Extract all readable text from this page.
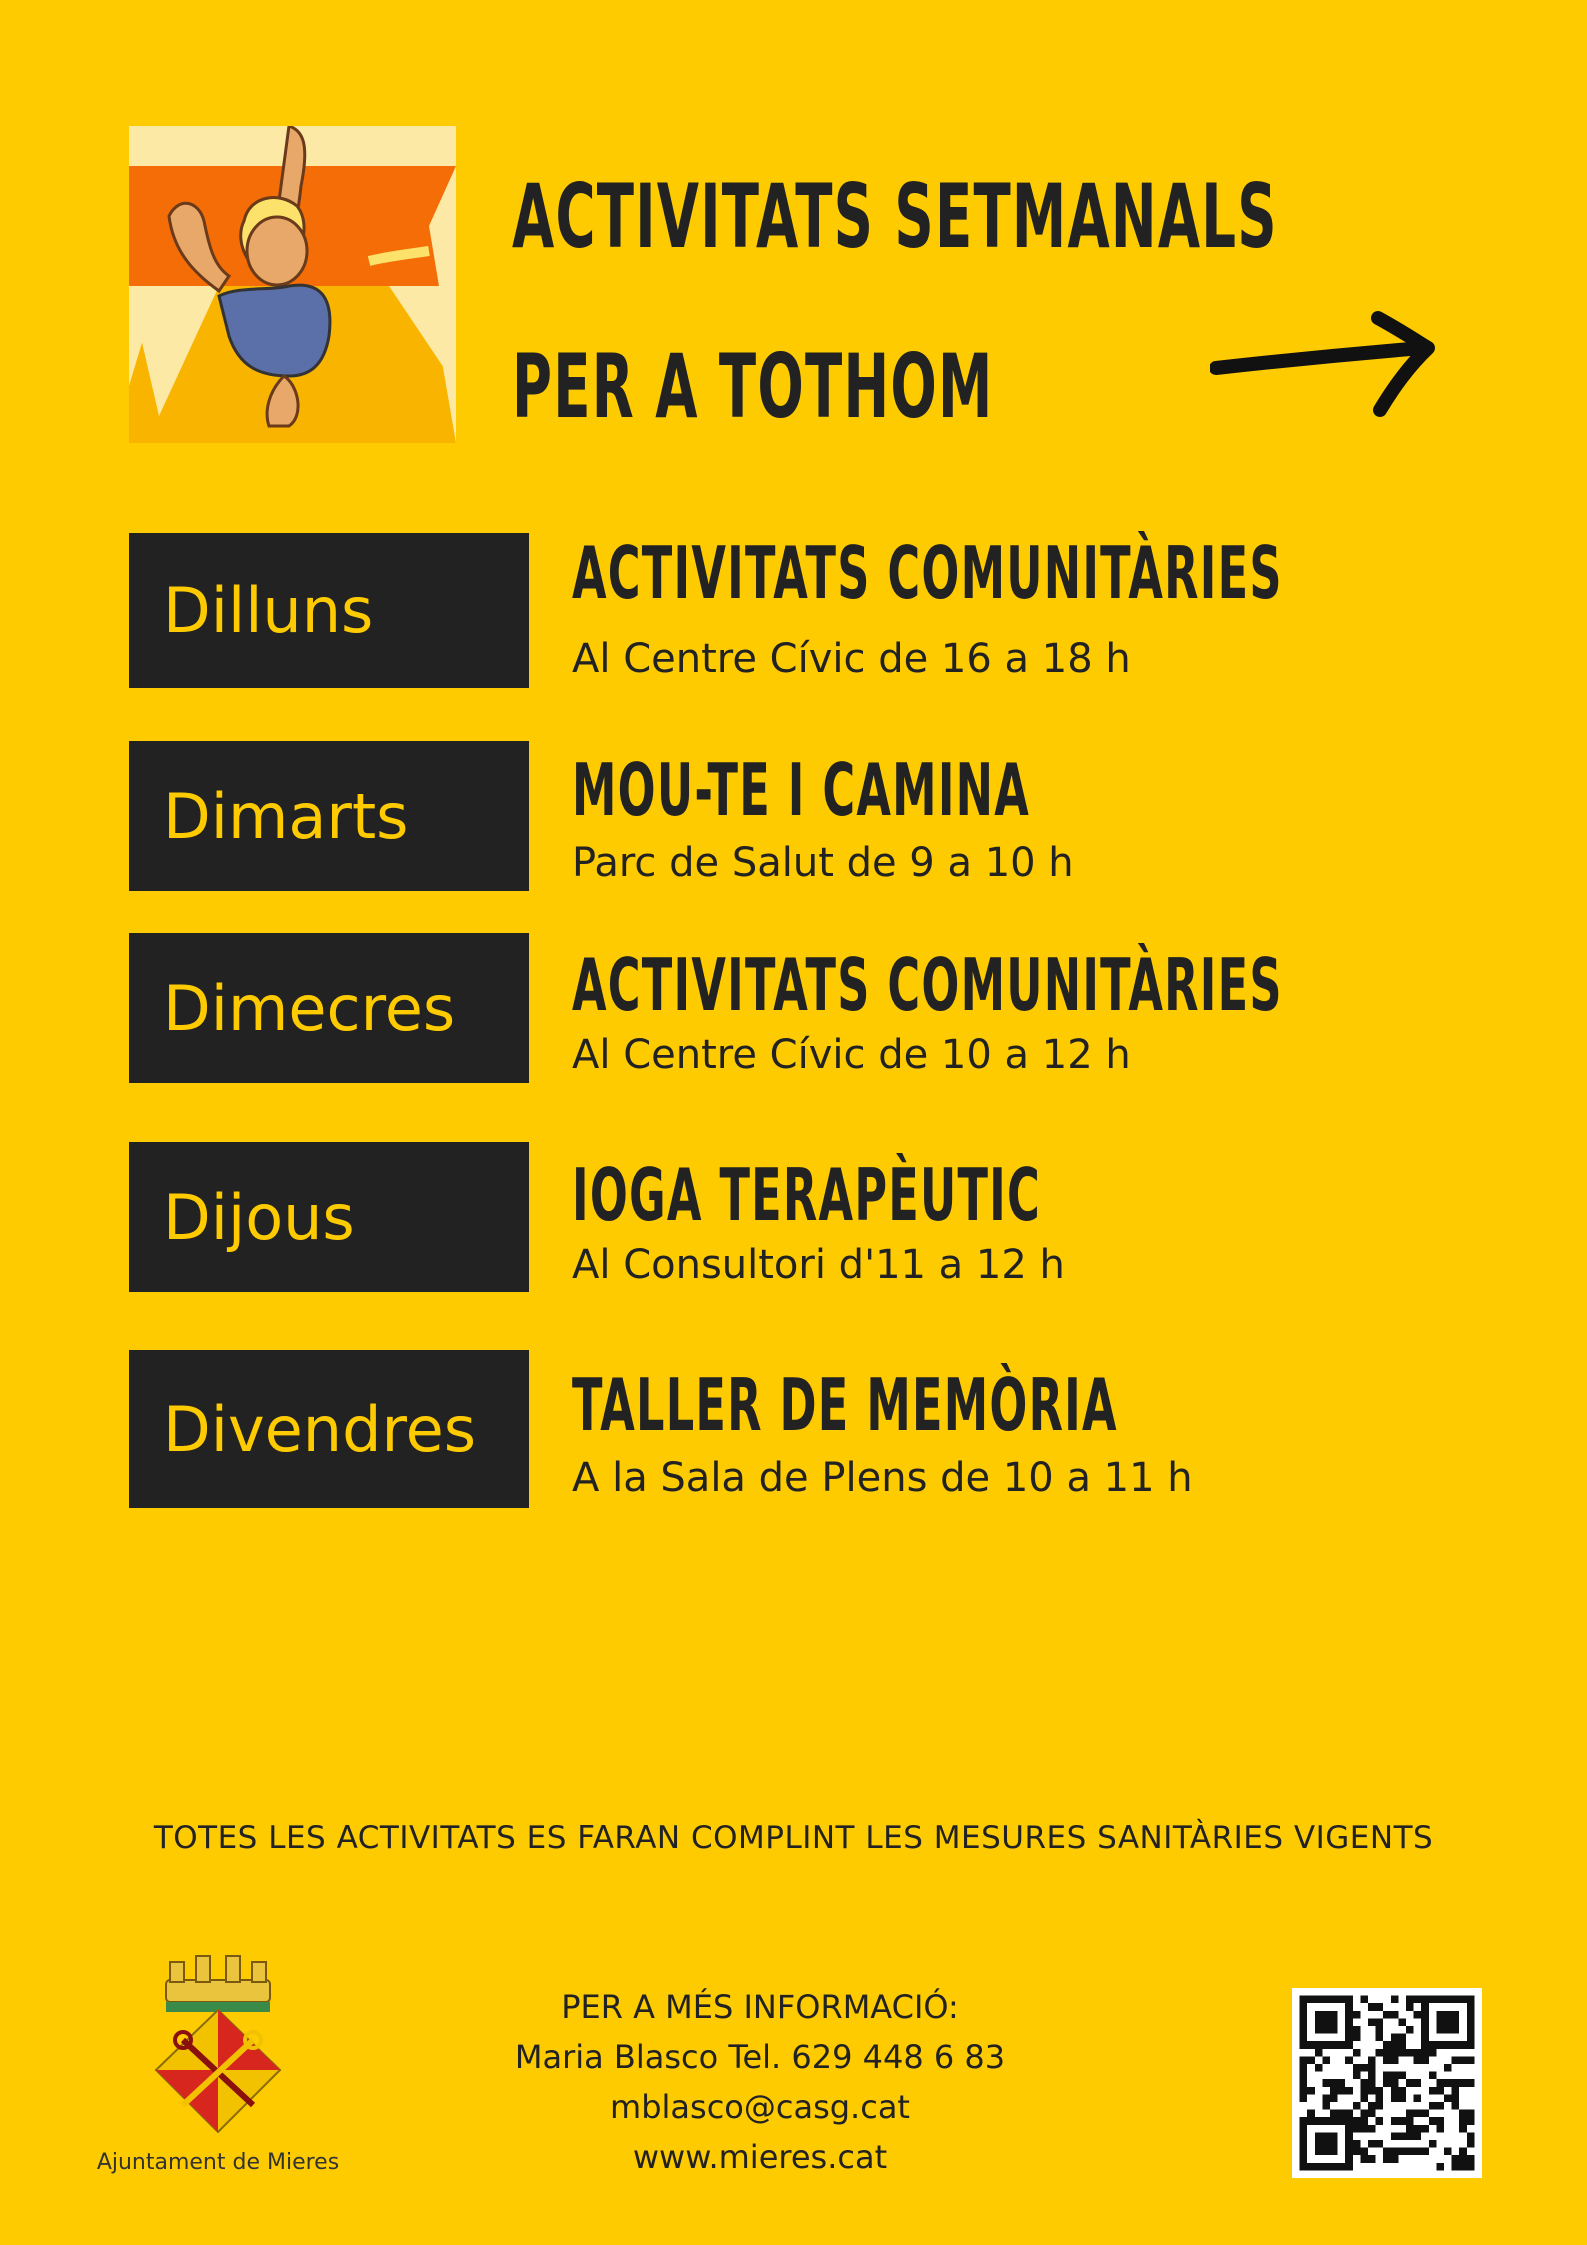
ACTIVITATS SETMANALS
PER A TOTHOM
Dilluns	ACTIVITATS COMUNITÀRIES
Al Centre Cívic de 16 a 18 h
Dimarts MOU-TE I CAMINA
Parc de Salut de 9 a 10 h
Dimecres ACTIVITATS COMUNITÀRIES
Al Centre Cívic de 10 a 12 h
Dijous	IOGA TERAPÈUTIC
Al Consultori d'11 a 12 h
Divendres TALLER DE MEMÒRIA
A la Sala de Plens de 10 a 11 h
TOTES LES ACTIVITATS ES FARAN COMPLINT LES MESURES SANITÀRIES VIGENTS
Ajuntament de Mieres
PER A MÉS INFORMACIÓ:
Maria Blasco Tel. 629 448 6 83
mblasco@casg.cat
www.mieres.cat
